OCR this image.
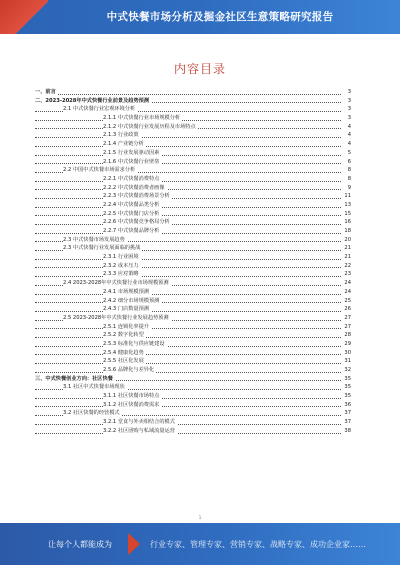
中式快餐市场分析及掘金社区生意策略研究报告
内容目录
一、前言	3
二、2023-2028年中式快餐行业前景及趋势预测	3
2.1 中式快餐行业宏观环境分析	3
2.1.1 中式快餐行业市场规模分析	3
2.1.2 中式快餐行业发展历程及市场特点	4
2.1.3 行业政策	4
2.1.4 产业链分析	4
2.1.5 行业发展驱动因素	5
2.1.6 中式快餐行业壁垒	6
2.2 中国中式快餐市场需求分析	8
2.2.1 中式快餐消费特点	8
2.2.2 中式快餐消费者画像	9
2.2.3 中式快餐消费场景分析	11
2.2.4 中式快餐品类分析	13
2.2.5 中式快餐门店分析	15
2.2.6 中式快餐竞争格局分析	16
2.2.7 中式快餐品牌分析	18
2.3 中式快餐市场发展趋势	20
2.3 中式快餐行业发展面临的挑战	21
2.3.1 行业困境	21
2.3.2 成本压力	22
2.3.3 应对策略	23
2.4 2023-2028年中式快餐行业市场规模预测	24
2.4.1 市场规模预测	24
2.4.2 细分市场规模预测	25
2.4.3 门店数量预测	26
2.5 2023-2028年中式快餐行业发展趋势预测	27
2.5.1 连锁化率提升	27
2.5.2 数字化转型	28
2.5.3 标准化与供应链建设	29
2.5.4 健康化趋势	30
2.5.5 社区化发展	31
2.5.6 品牌化与差异化	32
三、中式快餐创业方向：社区快餐	35
3.1 社区中式快餐市场现状	35
3.1.1 社区快餐市场特点	35
3.1.2 社区快餐消费需求	36
3.2 社区快餐的经营模式	37
3.2.1 堂食与外卖相结合的模式	37
3.2.2 社区团购与私域流量运营	38
1
让每个人都能成为	行业专家、管理专家、营销专家、战略专家、成功企业家……
